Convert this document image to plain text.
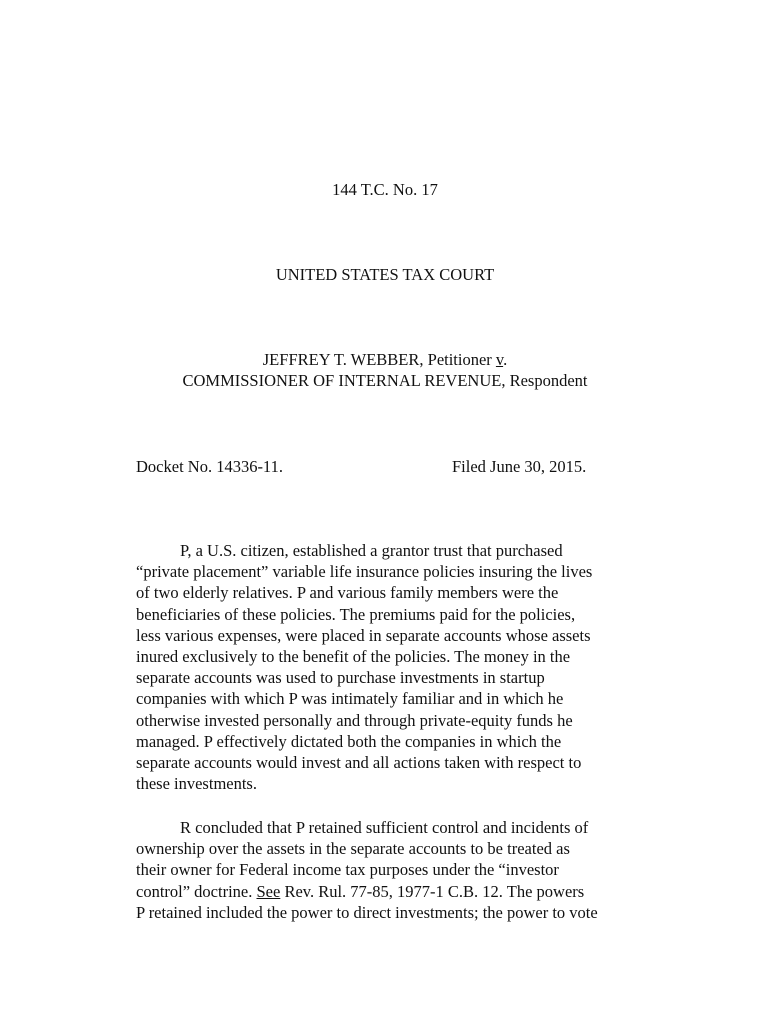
144 T.C. No. 17
UNITED STATES TAX COURT
JEFFREY T. WEBBER, Petitioner v.
COMMISSIONER OF INTERNAL REVENUE, Respondent
Docket No. 14336-11.	Filed June 30, 2015.

P, a U.S. citizen, established a grantor trust that purchased
“private placement” variable life insurance policies insuring the lives
of two elderly relatives. P and various family members were the
beneficiaries of these policies. The premiums paid for the policies,
less various expenses, were placed in separate accounts whose assets
inured exclusively to the benefit of the policies. The money in the
separate accounts was used to purchase investments in startup
companies with which P was intimately familiar and in which he
otherwise invested personally and through private-equity funds he
managed. P effectively dictated both the companies in which the
separate accounts would invest and all actions taken with respect to
these investments.

R concluded that P retained sufficient control and incidents of
ownership over the assets in the separate accounts to be treated as
their owner for Federal income tax purposes under the “investor
control” doctrine. See Rev. Rul. 77-85, 1977-1 C.B. 12. The powers
P retained included the power to direct investments; the power to vote
